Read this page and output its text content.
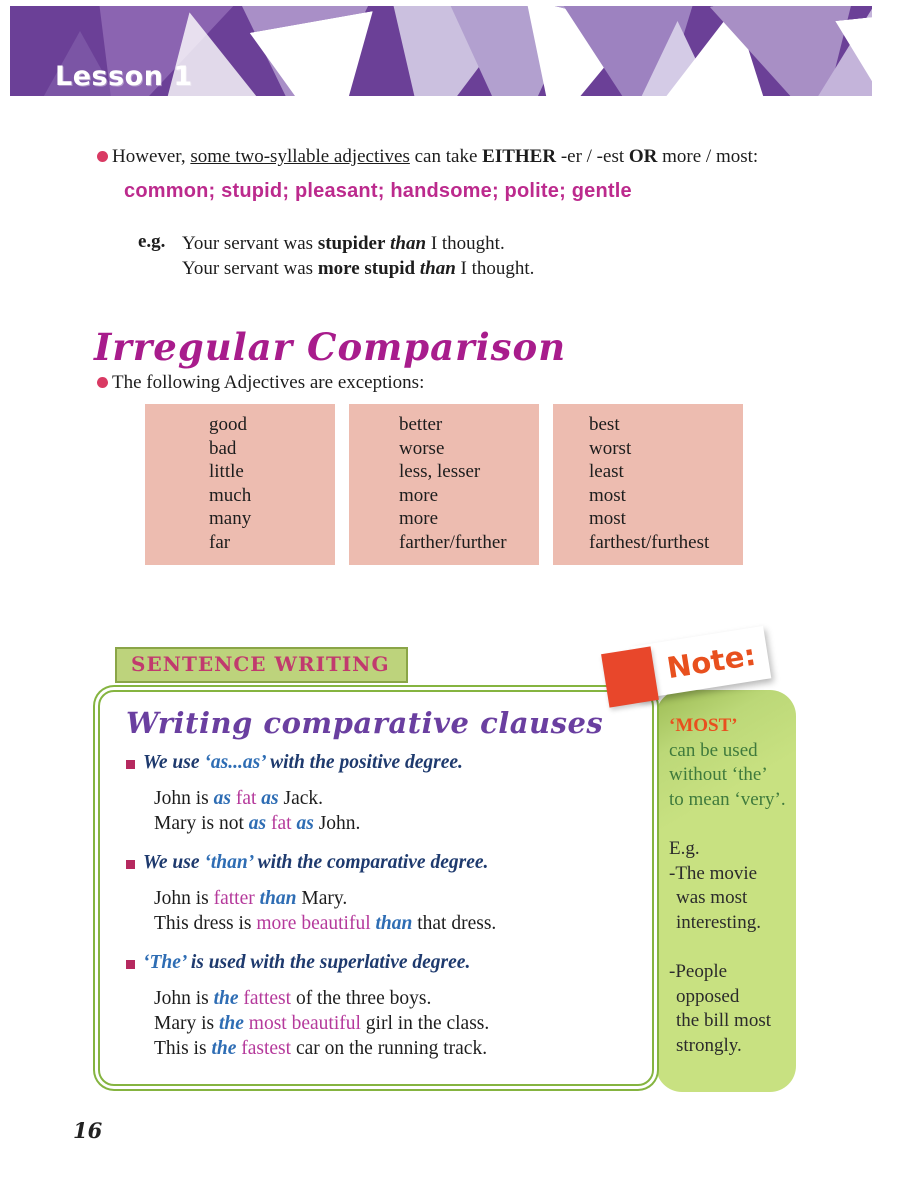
Lesson 1
However, some two-syllable adjectives can take EITHER -er / -est OR more / most:
common; stupid; pleasant; handsome; polite; gentle
e.g. Your servant was stupider than I thought.
Your servant was more stupid than I thought.
Irregular Comparison
The following Adjectives are exceptions:
good
bad
little
much
many
far
better
worse
less, lesser
more
more
farther/further
best
worst
least
most
most
farthest/furthest
SENTENCE WRITING
Writing comparative clauses
We use ‘as...as’ with the positive degree.
John is as fat as Jack.
Mary is not as fat as John.
We use ‘than’ with the comparative degree.
John is fatter than Mary.
This dress is more beautiful than that dress.
‘The’ is used with the superlative degree.
John is the fattest of the three boys.
Mary is the most beautiful girl in the class.
This is the fastest car on the running track.
‘MOST’
can be used
without ‘the’
to mean ‘very’.
E.g.
-The movie
was most
interesting.
-People
opposed
the bill most
strongly.
Note:
16
